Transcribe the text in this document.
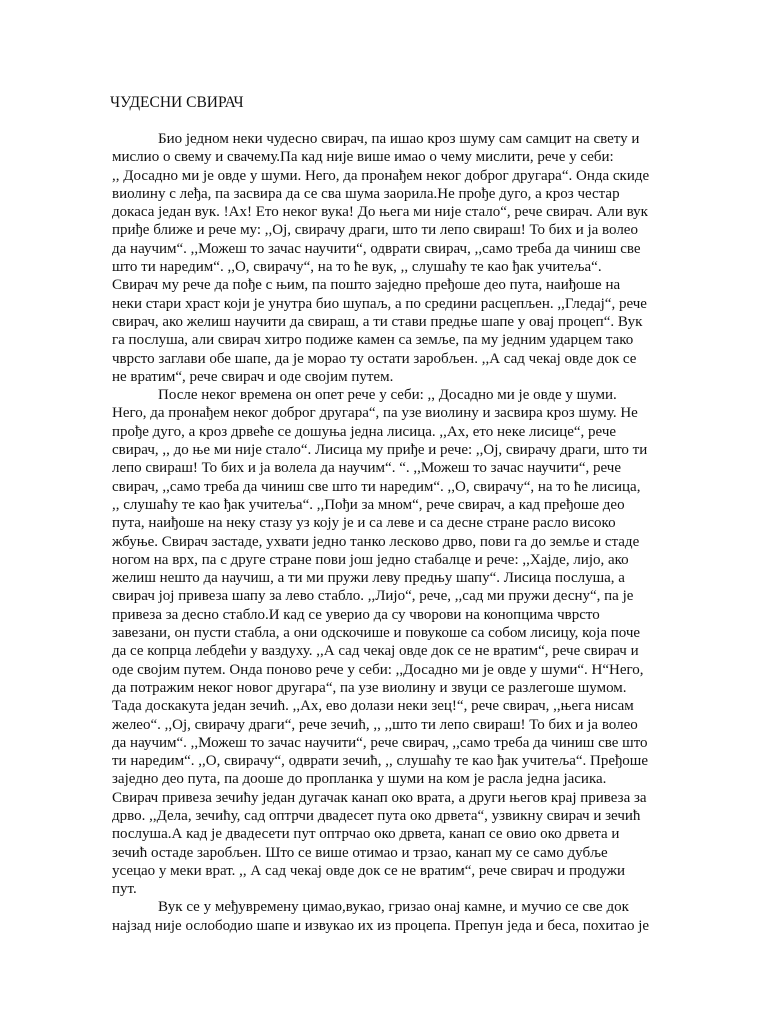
ЧУДЕСНИ СВИРАЧ
Био једном неки чудесно свирач, па ишао кроз шуму сам самцит на свету и
мислио о свему и свачему.Па кад није више имао о чему мислити, рече у себи:
,, Досадно ми је овде у шуми. Него, да пронађем неког доброг другара“. Онда скиде
виолину с леђа, па засвира да се сва шума заорила.Не прође дуго, а кроз честар
докаса један вук. !Ах! Ето неког вука! До њега ми није стало“, рече свирач. Али вук
приђе ближе и рече му: ,,Ој, свирачу драги, што ти лепо свираш! То бих и ја волео
да научим“. ,,Можеш то зачас научити“, одврати свирач, ,,само треба да чиниш све
што ти наредим“. ,,О, свирачу“, на то ће вук, ,, слушаћу те као ђак учитеља“.
Свирач му рече да пође с њим, па пошто заједно пређоше део пута, наиђоше на
неки стари храст који је унутра био шупаљ, а по средини расцепљен. ,,Гледај“, рече
свирач, ако желиш научити да свираш, а ти стави предње шапе у овај процеп“. Вук
га послуша, али свирач хитро подиже камен са земље, па му једним ударцем тако
чврсто заглави обе шапе, да је морао ту остати заробљен. ,,А сад чекај овде док се
не вратим“, рече свирач и оде својим путем.
После неког времена он опет рече у себи: ,, Досадно ми је овде у шуми.
Него, да пронађем неког доброг другара“, па узе виолину и засвира кроз шуму. Не
прође дуго, а кроз дрвеће се дошуња једна лисица. ,,Ах, ето неке лисице“, рече
свирач, ,, до ње ми није стало“. Лисица му приђе и рече: ,,Ој, свирачу драги, што ти
лепо свираш! То бих и ја волела да научим“. “. ,,Можеш то зачас научити“, рече
свирач, ,,само треба да чиниш све што ти наредим“. ,,О, свирачу“, на то ће лисица,
,, слушаћу те као ђак учитеља“. ,,Пођи за мном“, рече свирач, а кад пређоше део
пута, наиђоше на неку стазу уз коју је и са леве и са десне стране расло високо
жбуње. Свирач застаде, ухвати једно танко лесково дрво, пови га до земље и стаде
ногом на врх, па с друге стране пови још једно стабалце и рече: ,,Хајде, лијо, ако
желиш нешто да научиш, а ти ми пружи леву предњу шапу“. Лисица послуша, а
свирач јој привеза шапу за лево стабло. ,,Лијо“, рече, ,,сад ми пружи десну“, па је
привеза за десно стабло.И кад се уверио да су чворови на конопцима чврсто
завезани, он пусти стабла, а они одскочише и повукоше са собом лисицу, која поче
да се копрца лебдећи у ваздуху. ,,А сад чекај овде док се не вратим“, рече свирач и
оде својим путем. Онда поново рече у себи: ,,Досадно ми је овде у шуми“. Н“Него,
да потражим неког новог другара“, па узе виолину и звуци се разлегоше шумом.
Тада доскакута један зечић. ,,Ах, ево долази неки зец!“, рече свирач, ,,њега нисам
желео“. ,,Ој, свирачу драги“, рече зечић, ,, ,,што ти лепо свираш! То бих и ја волео
да научим“. ,,Можеш то зачас научити“, рече свирач, ,,само треба да чиниш све што
ти наредим“. ,,О, свирачу“, одврати зечић, ,, слушаћу те као ђак учитеља“. Пређоше
заједно део пута, па дооше до пропланка у шуми на ком је расла једна јасика.
Свирач привеза зечићу један дугачак канап око врата, а други његов крај привеза за
дрво. ,,Дела, зечићу, сад оптрчи двадесет пута око дрвета“, узвикну свирач и зечић
послуша.А кад је двадесети пут оптрчао око дрвета, канап се овио око дрвета и
зечић остаде заробљен. Што се више отимао и трзао, канап му се само дубље
усецао у меки врат. ,, А сад чекај овде док се не вратим“, рече свирач и продужи
пут.
Вук се у међувремену цимао,вукао, гризао онај камне, и мучио се све док
најзад није ослободио шапе и извукао их из процепа. Препун једа и беса, похитао је
